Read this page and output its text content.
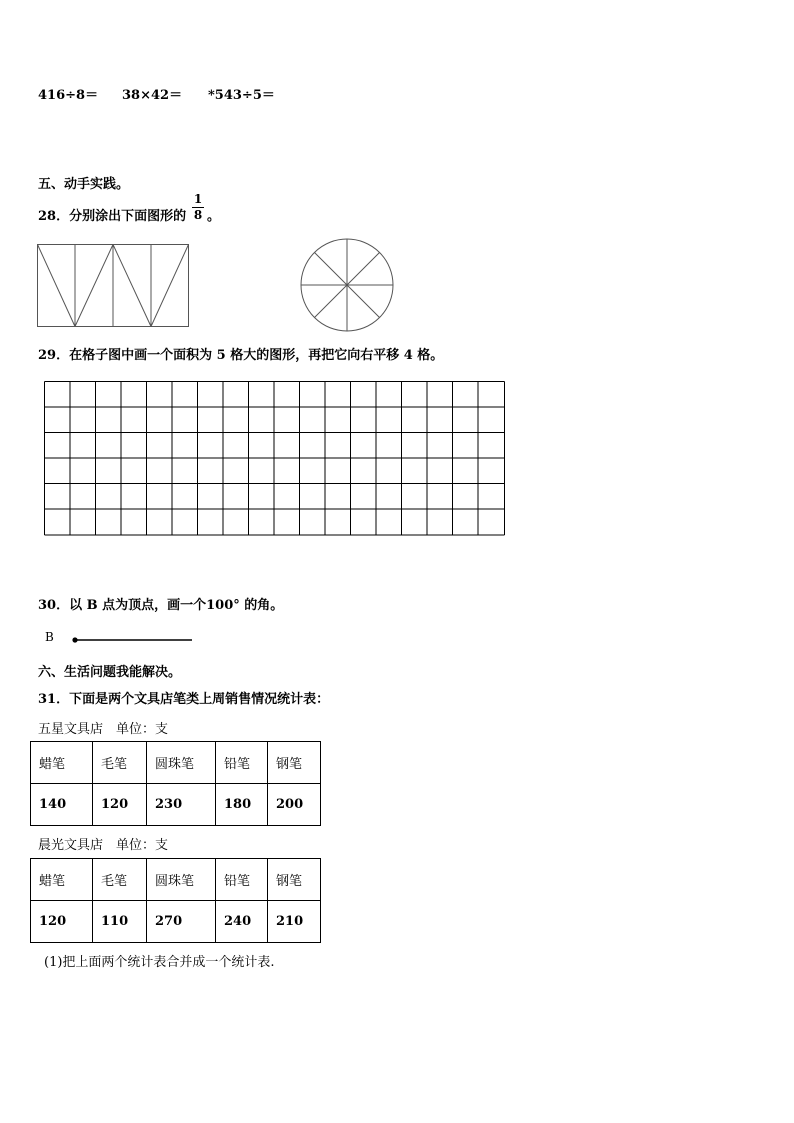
416÷8＝ 38×42＝ *543÷5＝
五、动手实践。
28．分别涂出下面图形的
1
8 。
29．在格子图中画一个面积为 5 格大的图形，再把它向右平移 4 格。
30．以 B 点为顶点，画一个100° 的角。
B
六、生活问题我能解决。
31．下面是两个文具店笔类上周销售情况统计表：
五星文具店　单位：支
蜡笔	毛笔	圆珠笔	铅笔	钢笔
140	120	230	180	200
晨光文具店　单位：支
蜡笔	毛笔	圆珠笔	铅笔	钢笔
120	110	270	240	210
(1)把上面两个统计表合并成一个统计表.
